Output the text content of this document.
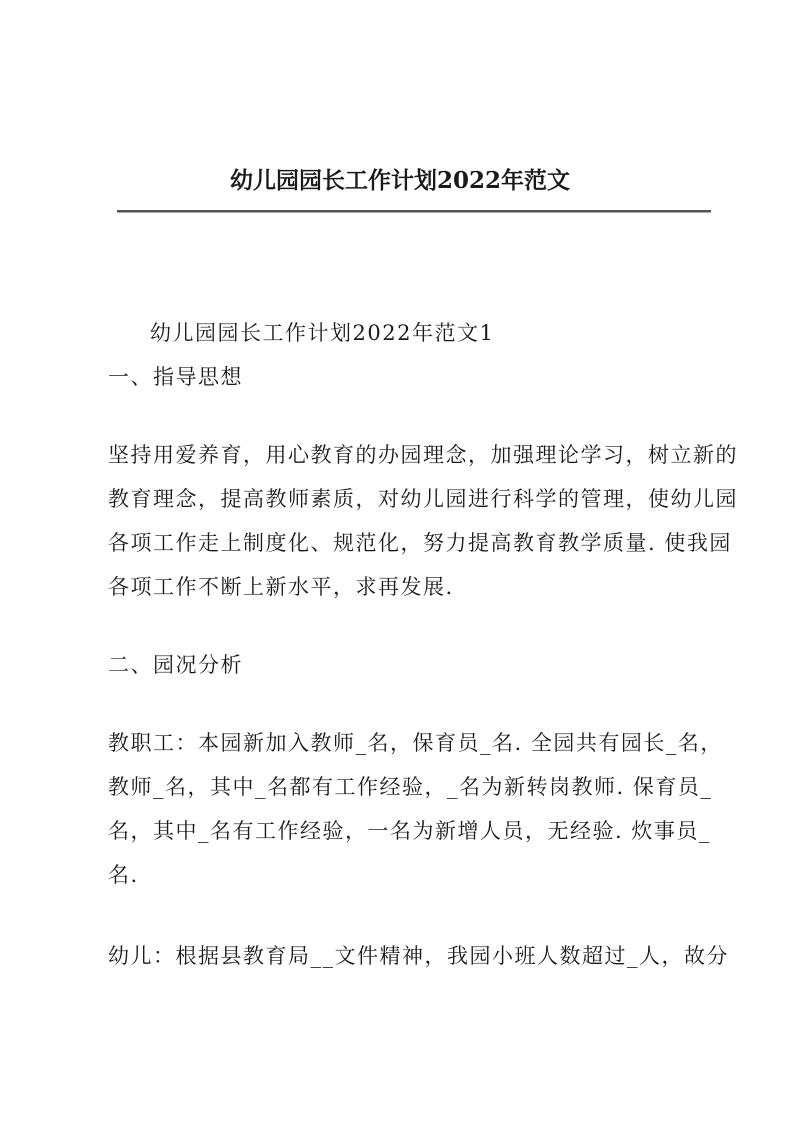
幼儿园园长工作计划2022年范文
幼儿园园长工作计划2022年范文1
一、指导思想
坚持用爱养育，用心教育的办园理念，加强理论学习，树立新的
教育理念，提高教师素质，对幼儿园进行科学的管理，使幼儿园
各项工作走上制度化、规范化，努力提高教育教学质量. 使我园
各项工作不断上新水平，求再发展.
二、园况分析
教职工：本园新加入教师_名，保育员_名. 全园共有园长_名，
教师_名，其中_名都有工作经验，_名为新转岗教师. 保育员_
名，其中_名有工作经验，一名为新增人员，无经验. 炊事员_
名.
幼儿：根据县教育局__文件精神，我园小班人数超过_人，故分
